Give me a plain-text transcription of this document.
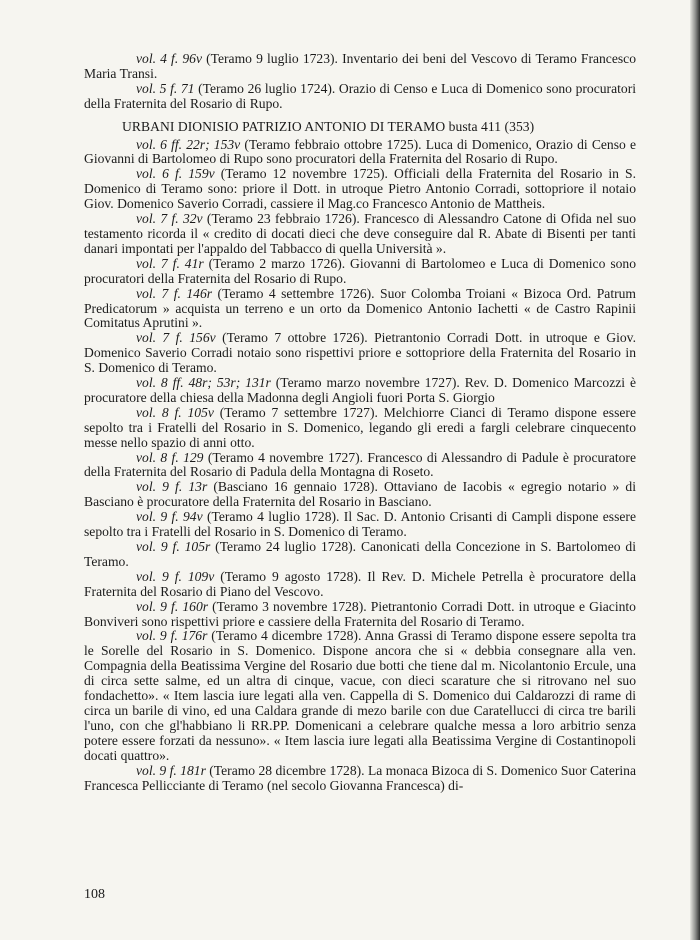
vol. 4 f. 96v (Teramo 9 luglio 1723). Inventario dei beni del Vescovo di Teramo Francesco Maria Transi.

vol. 5 f. 71 (Teramo 26 luglio 1724). Orazio di Censo e Luca di Domenico sono procuratori della Fraternita del Rosario di Rupo.

URBANI DIONISIO PATRIZIO ANTONIO DI TERAMO busta 411 (353)

vol. 6 ff. 22r; 153v (Teramo febbraio ottobre 1725). Luca di Domenico, Orazio di Censo e Giovanni di Bartolomeo di Rupo sono procuratori della Fraternita del Rosario di Rupo.

vol. 6 f. 159v (Teramo 12 novembre 1725). Officiali della Fraternita del Rosario in S. Domenico di Teramo sono: priore il Dott. in utroque Pietro Antonio Corradi, sottopriore il notaio Giov. Domenico Saverio Corradi, cassiere il Mag.co Francesco Antonio de Mattheis.

vol. 7 f. 32v (Teramo 23 febbraio 1726). Francesco di Alessandro Catone di Ofida nel suo testamento ricorda il « credito di docati dieci che deve conseguire dal R. Abate di Bisenti per tanti danari impontati per l'appaldo del Tabbacco di quella Università ».

vol. 7 f. 41r (Teramo 2 marzo 1726). Giovanni di Bartolomeo e Luca di Domenico sono procuratori della Fraternita del Rosario di Rupo.

vol. 7 f. 146r (Teramo 4 settembre 1726). Suor Colomba Troiani « Bizoca Ord. Patrum Predicatorum » acquista un terreno e un orto da Domenico Antonio Iachetti « de Castro Rapinii Comitatus Aprutini ».

vol. 7 f. 156v (Teramo 7 ottobre 1726). Pietrantonio Corradi Dott. in utroque e Giov. Domenico Saverio Corradi notaio sono rispettivi priore e sottopriore della Fraternita del Rosario in S. Domenico di Teramo.

vol. 8 ff. 48r; 53r; 131r (Teramo marzo novembre 1727). Rev. D. Domenico Marcozzi è procuratore della chiesa della Madonna degli Angioli fuori Porta S. Giorgio

vol. 8 f. 105v (Teramo 7 settembre 1727). Melchiorre Cianci di Teramo dispone essere sepolto tra i Fratelli del Rosario in S. Domenico, legando gli eredi a fargli celebrare cinquecento messe nello spazio di anni otto.

vol. 8 f. 129 (Teramo 4 novembre 1727). Francesco di Alessandro di Padule è procuratore della Fraternita del Rosario di Padula della Montagna di Roseto.

vol. 9 f. 13r (Basciano 16 gennaio 1728). Ottaviano de Iacobis « egregio notario » di Basciano è procuratore della Fraternita del Rosario in Basciano.

vol. 9 f. 94v (Teramo 4 luglio 1728). Il Sac. D. Antonio Crisanti di Campli dispone essere sepolto tra i Fratelli del Rosario in S. Domenico di Teramo.

vol. 9 f. 105r (Teramo 24 luglio 1728). Canonicati della Concezione in S. Bartolomeo di Teramo.

vol. 9 f. 109v (Teramo 9 agosto 1728). Il Rev. D. Michele Petrella è procuratore della Fraternita del Rosario di Piano del Vescovo.

vol. 9 f. 160r (Teramo 3 novembre 1728). Pietrantonio Corradi Dott. in utroque e Giacinto Bonviveri sono rispettivi priore e cassiere della Fraternita del Rosario di Teramo.

vol. 9 f. 176r (Teramo 4 dicembre 1728). Anna Grassi di Teramo dispone essere sepolta tra le Sorelle del Rosario in S. Domenico. Dispone ancora che si « debbia consegnare alla ven. Compagnia della Beatissima Vergine del Rosario due botti che tiene dal m. Nicolantonio Ercule, una di circa sette salme, ed un altra di cinque, vacue, con dieci scarature che si ritrovano nel suo fondachetto». « Item lascia iure legati alla ven. Cappella di S. Domenico dui Caldarozzi di rame di circa un barile di vino, ed una Caldara grande di mezo barile con due Caratellucci di circa tre barili l'uno, con che gl'habbiano li RR.PP. Domenicani a celebrare qualche messa a loro arbitrio senza potere essere forzati da nessuno». « Item lascia iure legati alla Beatissima Vergine di Costantinopoli docati quattro».

vol. 9 f. 181r (Teramo 28 dicembre 1728). La monaca Bizoca di S. Domenico Suor Caterina Francesca Pellicciante di Teramo (nel secolo Giovanna Francesca) di-

108
